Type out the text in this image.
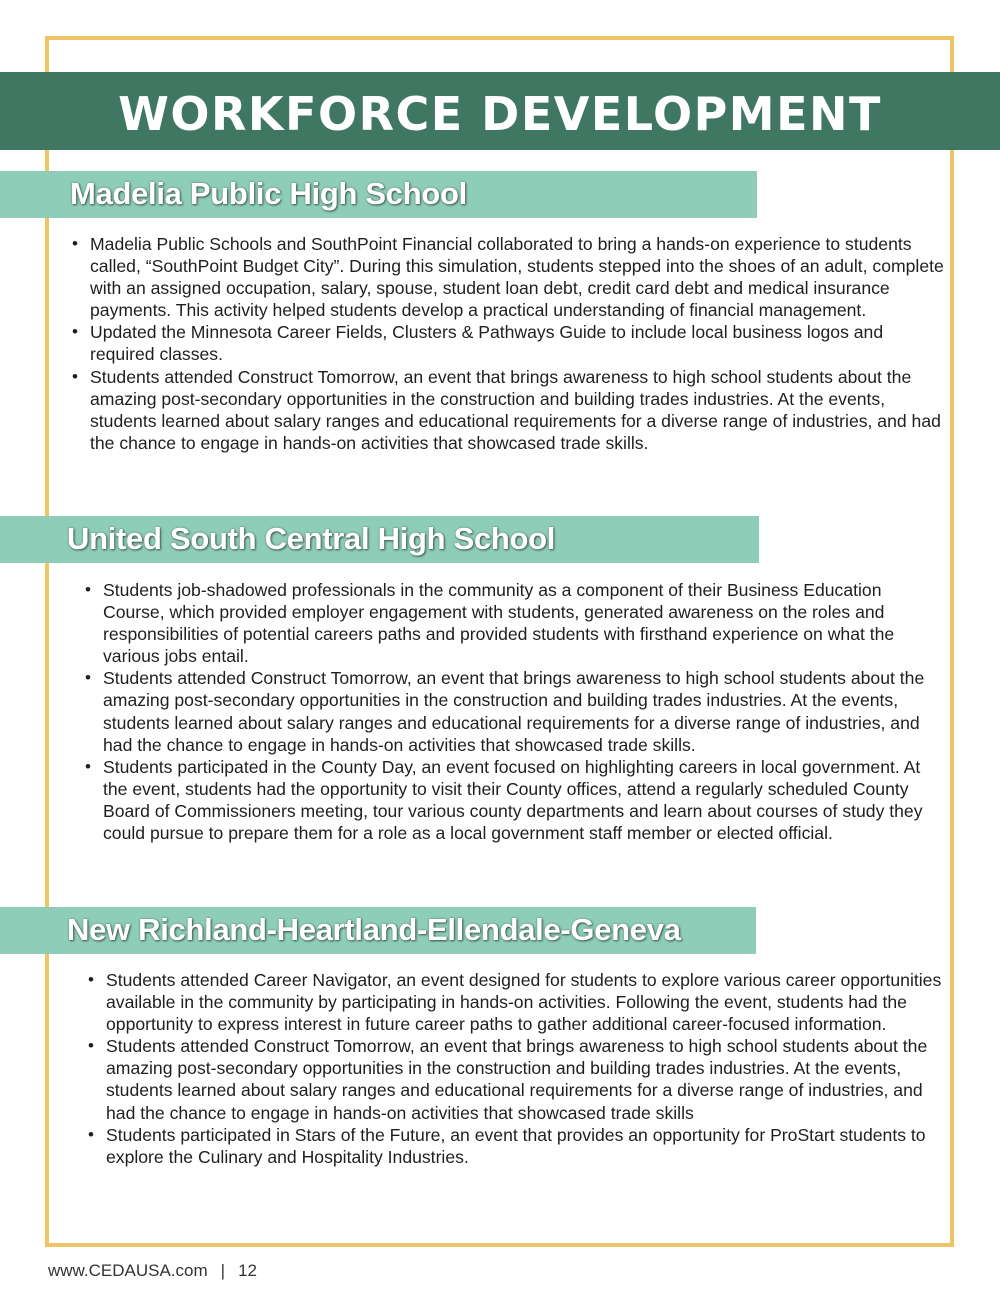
WORKFORCE DEVELOPMENT
Madelia Public High School
• Madelia Public Schools and SouthPoint Financial collaborated to bring a hands-on experience to students called, “SouthPoint Budget City”. During this simulation, students stepped into the shoes of an adult, complete with an assigned occupation, salary, spouse, student loan debt, credit card debt and medical insurance payments. This activity helped students develop a practical understanding of financial management.
• Updated the Minnesota Career Fields, Clusters & Pathways Guide to include local business logos and required classes.
• Students attended Construct Tomorrow, an event that brings awareness to high school students about the amazing post-secondary opportunities in the construction and building trades industries. At the events, students learned about salary ranges and educational requirements for a diverse range of industries, and had the chance to engage in hands-on activities that showcased trade skills.
United South Central High School
• Students job-shadowed professionals in the community as a component of their Business Education Course, which provided employer engagement with students, generated awareness on the roles and responsibilities of potential careers paths and provided students with firsthand experience on what the various jobs entail.
• Students attended Construct Tomorrow, an event that brings awareness to high school students about the amazing post-secondary opportunities in the construction and building trades industries. At the events, students learned about salary ranges and educational requirements for a diverse range of industries, and had the chance to engage in hands-on activities that showcased trade skills.
• Students participated in the County Day, an event focused on highlighting careers in local government. At the event, students had the opportunity to visit their County offices, attend a regularly scheduled County Board of Commissioners meeting, tour various county departments and learn about courses of study they could pursue to prepare them for a role as a local government staff member or elected official.
New Richland-Heartland-Ellendale-Geneva
• Students attended Career Navigator, an event designed for students to explore various career opportunities available in the community by participating in hands-on activities. Following the event, students had the opportunity to express interest in future career paths to gather additional career-focused information.
• Students attended Construct Tomorrow, an event that brings awareness to high school students about the amazing post-secondary opportunities in the construction and building trades industries. At the events, students learned about salary ranges and educational requirements for a diverse range of industries, and had the chance to engage in hands-on activities that showcased trade skills
• Students participated in Stars of the Future, an event that provides an opportunity for ProStart students to explore the Culinary and Hospitality Industries.
www.CEDAUSA.com | 12
